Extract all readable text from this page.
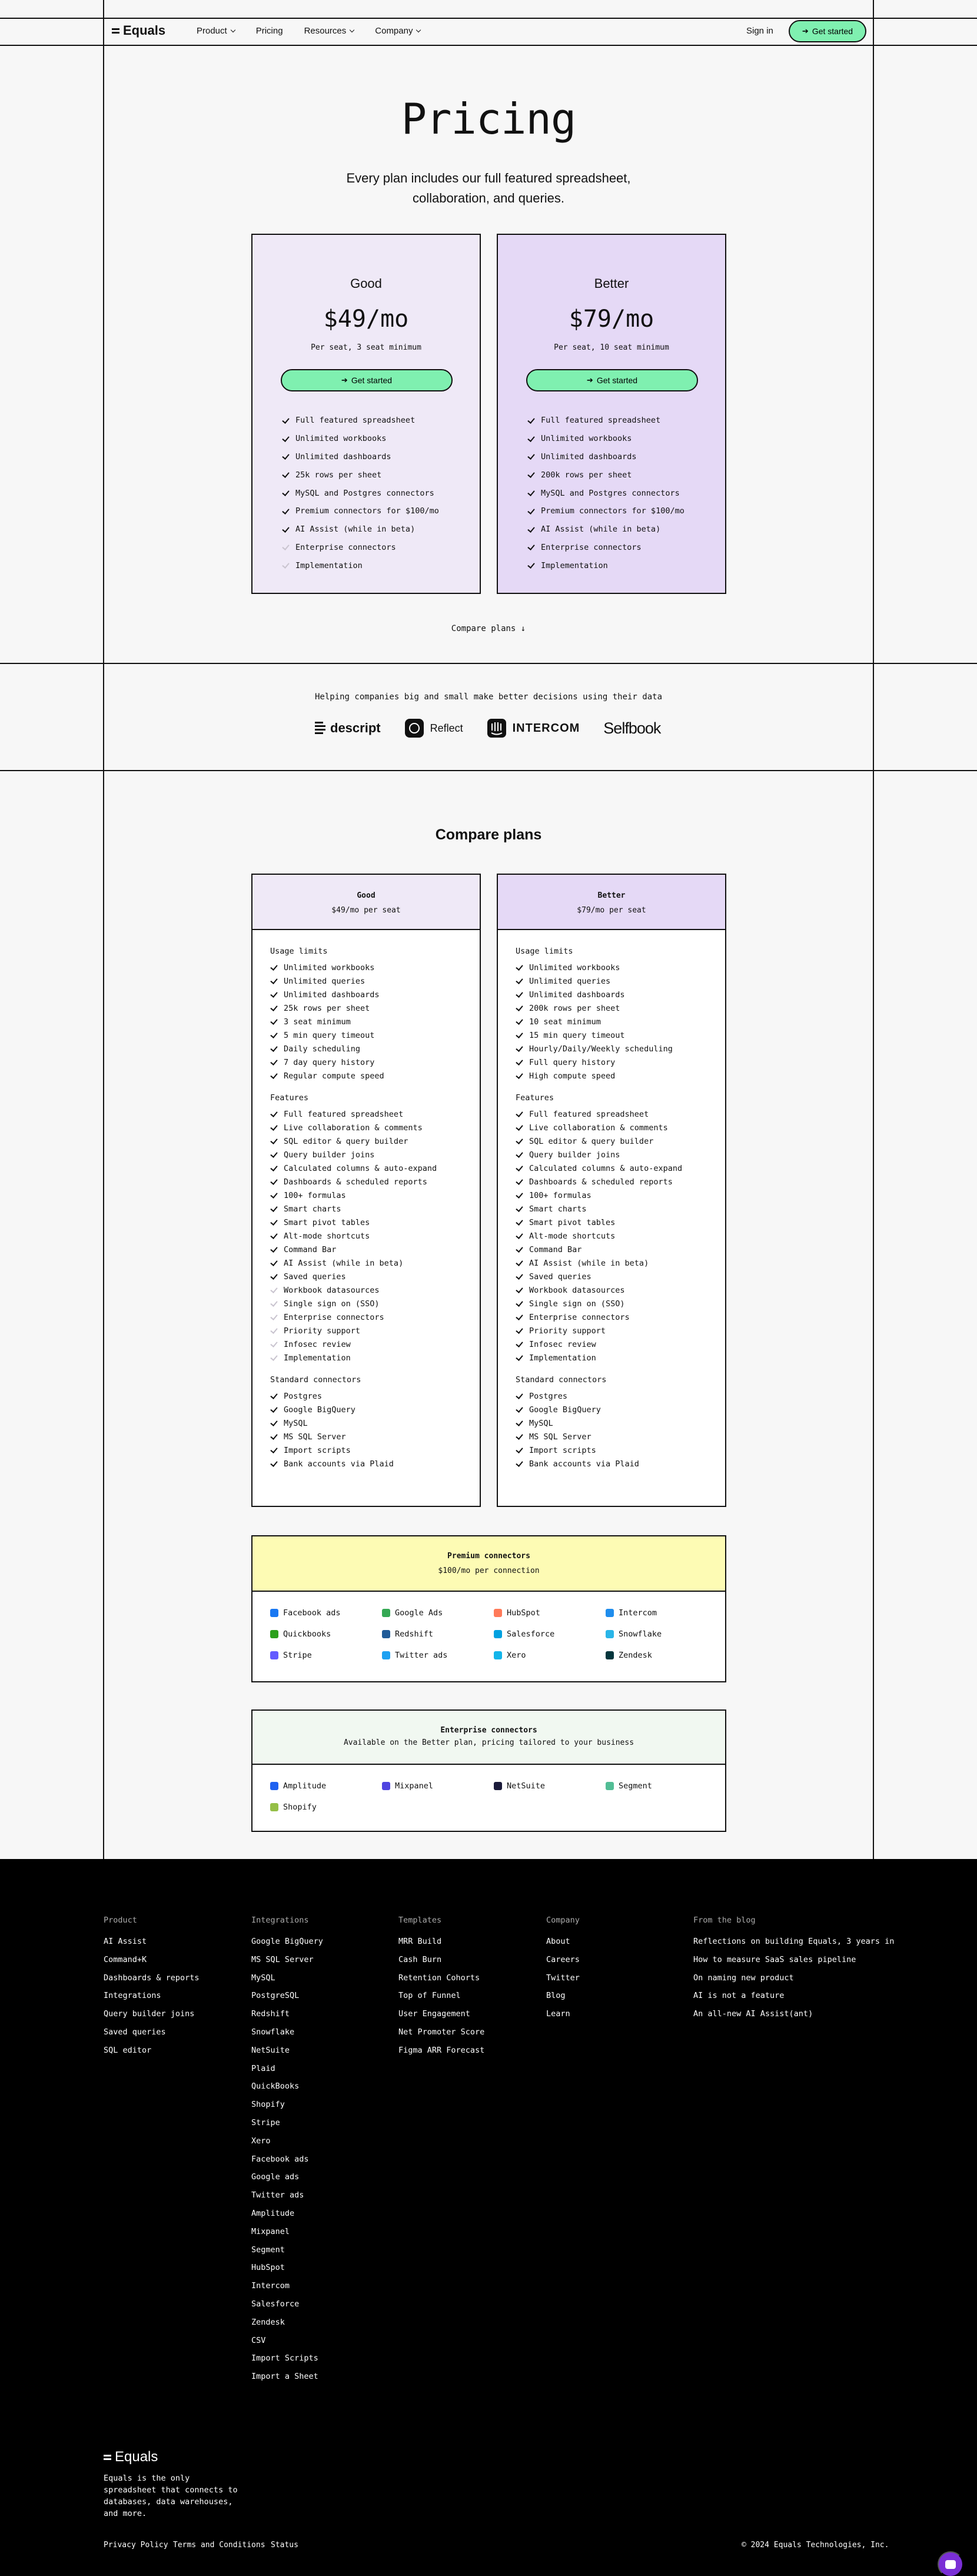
Equals	Product	Pricing Resources	Company	Sign in	➔ Get started
Pricing

Every plan includes our full featured spreadsheet, collaboration, and queries.

Good
$49/mo
Per seat, 3 seat minimum
➔ Get started
Full featured spreadsheet
Unlimited workbooks
Unlimited dashboards
25k rows per sheet
MySQL and Postgres connectors
Premium connectors for $100/mo
AI Assist (while in beta)
Enterprise connectors
Implementation
Better
$79/mo
Per seat, 10 seat minimum
➔ Get started
Full featured spreadsheet
Unlimited workbooks
Unlimited dashboards
200k rows per sheet
MySQL and Postgres connectors
Premium connectors for $100/mo
AI Assist (while in beta)
Enterprise connectors
Implementation
Compare plans ↓

Helping companies big and small make better decisions using their data

descript	Reflect	INTERCOM Selfbook
Compare plans
Good
$49/mo per seat
Usage limits
Unlimited workbooks
Unlimited queries
Unlimited dashboards
25k rows per sheet
3 seat minimum
5 min query timeout
Daily scheduling
7 day query history
Regular compute speed
Features
Full featured spreadsheet
Live collaboration & comments
SQL editor & query builder
Query builder joins
Calculated columns & auto-expand
Dashboards & scheduled reports
100+ formulas
Smart charts
Smart pivot tables
Alt-mode shortcuts
Command Bar
AI Assist (while in beta)
Saved queries
Workbook datasources
Single sign on (SSO)
Enterprise connectors
Priority support
Infosec review
Implementation
Standard connectors
Postgres
Google BigQuery
MySQL
MS SQL Server
Import scripts
Bank accounts via Plaid
Better
$79/mo per seat
Usage limits
Unlimited workbooks
Unlimited queries
Unlimited dashboards
200k rows per sheet
10 seat minimum
15 min query timeout
Hourly/Daily/Weekly scheduling
Full query history
High compute speed
Features
Full featured spreadsheet
Live collaboration & comments
SQL editor & query builder
Query builder joins
Calculated columns & auto-expand
Dashboards & scheduled reports
100+ formulas
Smart charts
Smart pivot tables
Alt-mode shortcuts
Command Bar
AI Assist (while in beta)
Saved queries
Workbook datasources
Single sign on (SSO)
Enterprise connectors
Priority support
Infosec review
Implementation
Standard connectors
Postgres
Google BigQuery
MySQL
MS SQL Server
Import scripts
Bank accounts via Plaid
Premium connectors
$100/mo per connection
Facebook ads	Google Ads	HubSpot	Intercom
Quickbooks	Redshift	Salesforce	Snowflake
Stripe	Twitter ads	Xero	Zendesk
Enterprise connectors
Available on the Better plan, pricing tailored to your business
Amplitude	Mixpanel	NetSuite	Segment
Shopify
Product
AI Assist
Command+K
Dashboards & reports
Integrations
Query builder joins
Saved queries
SQL editor
Integrations
Google BigQuery
MS SQL Server
MySQL
PostgreSQL
Redshift
Snowflake
NetSuite
Plaid
QuickBooks
Shopify
Stripe
Xero
Facebook ads
Google ads
Twitter ads
Amplitude
Mixpanel
Segment
HubSpot
Intercom
Salesforce
Zendesk
CSV
Import Scripts
Import a Sheet
Templates
MRR Build
Cash Burn
Retention Cohorts
Top of Funnel
User Engagement
Net Promoter Score
Figma ARR Forecast
Company
About
Careers
Twitter
Blog
Learn
From the blog
Reflections on building Equals, 3 years in
How to measure SaaS sales pipeline
On naming new product
AI is not a feature
An all-new AI Assist(ant)
Equals

Equals is the only spreadsheet that connects to databases, data warehouses, and more.

Privacy Policy Terms and Conditions Status	© 2024 Equals Technologies, Inc.
